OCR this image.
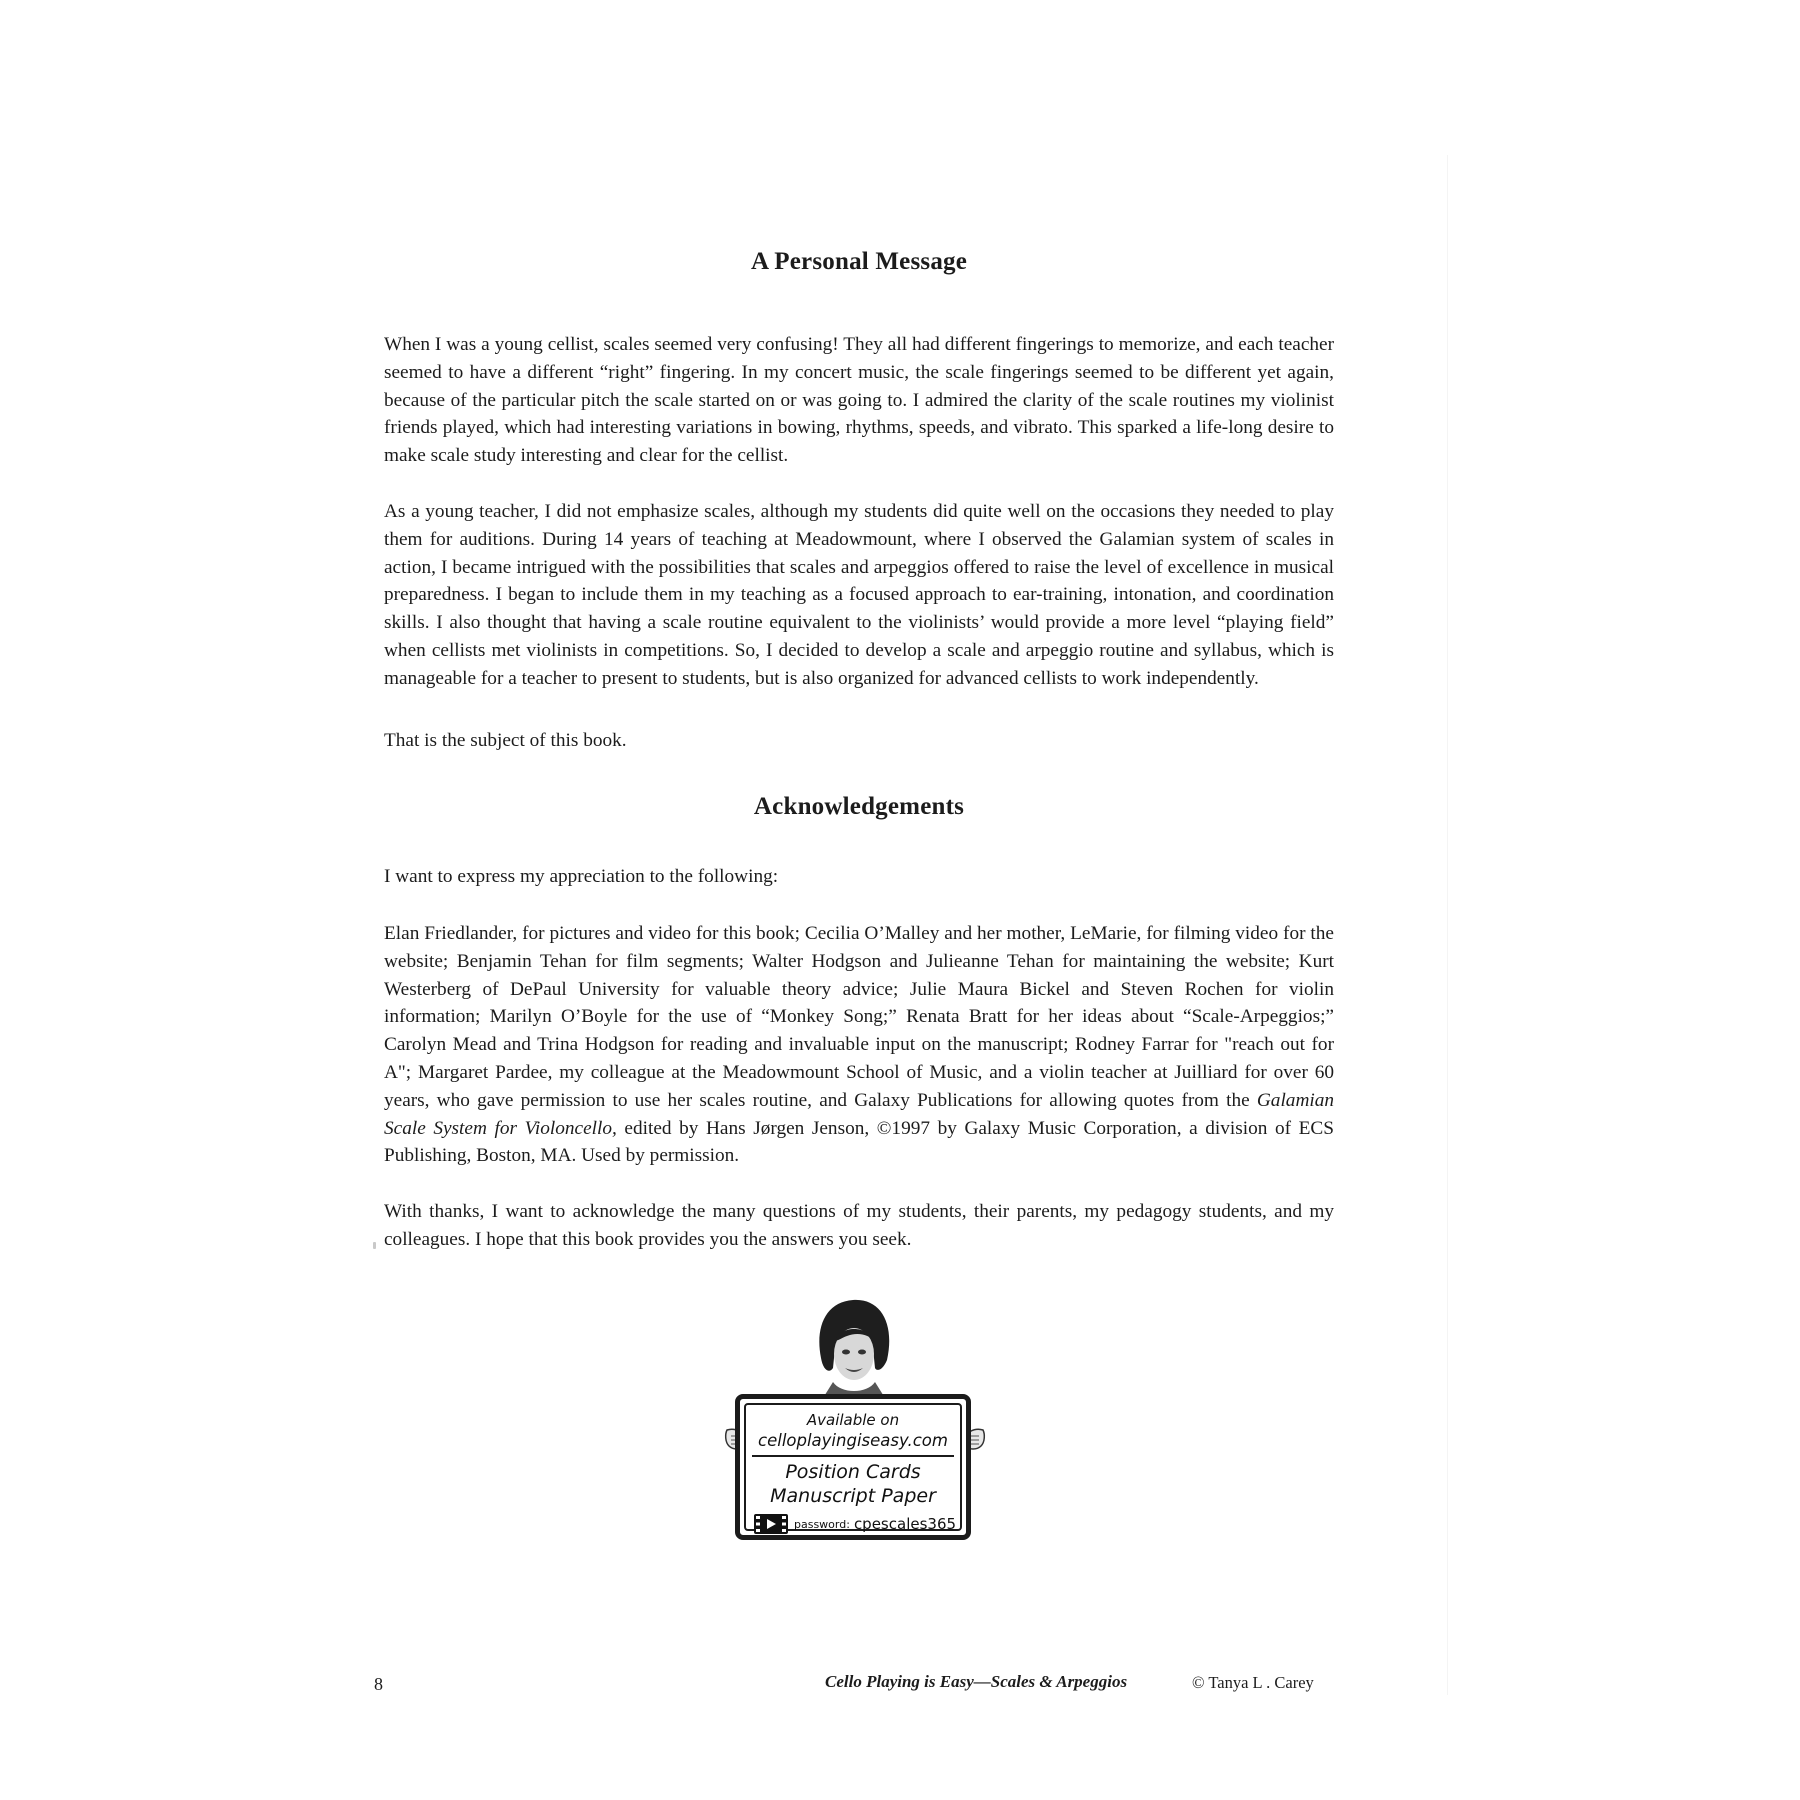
A Personal Message

When I was a young cellist, scales seemed very confusing! They all had different fingerings to memorize, and each teacher seemed to have a different “right” fingering. In my concert music, the scale fingerings seemed to be different yet again, because of the particular pitch the scale started on or was going to. I admired the clarity of the scale routines my violinist friends played, which had interesting variations in bowing, rhythms, speeds, and vibrato. This sparked a life-long desire to make scale study interesting and clear for the cellist.

As a young teacher, I did not emphasize scales, although my students did quite well on the occasions they needed to play them for auditions. During 14 years of teaching at Meadowmount, where I observed the Galamian system of scales in action, I became intrigued with the possibilities that scales and arpeggios offered to raise the level of excellence in musical preparedness. I began to include them in my teaching as a focused approach to ear-training, intonation, and coordination skills. I also thought that having a scale routine equivalent to the violinists’ would provide a more level “playing field” when cellists met violinists in competitions. So, I decided to develop a scale and arpeggio routine and syllabus, which is manageable for a teacher to present to students, but is also organized for advanced cellists to work independently.

That is the subject of this book.

Acknowledgements

I want to express my appreciation to the following:

Elan Friedlander, for pictures and video for this book; Cecilia O’Malley and her mother, LeMarie, for filming video for the website; Benjamin Tehan for film segments; Walter Hodgson and Julieanne Tehan for maintaining the website; Kurt Westerberg of DePaul University for valuable theory advice; Julie Maura Bickel and Steven Rochen for violin information; Marilyn O’Boyle for the use of “Monkey Song;” Renata Bratt for her ideas about “Scale-Arpeggios;” Carolyn Mead and Trina Hodgson for reading and invaluable input on the manuscript; Rodney Farrar for "reach out for A"; Margaret Pardee, my colleague at the Meadowmount School of Music, and a violin teacher at Juilliard for over 60 years, who gave permission to use her scales routine, and Galaxy Publications for allowing quotes from the Galamian Scale System for Violoncello, edited by Hans Jørgen Jenson, ©1997 by Galaxy Music Corporation, a division of ECS Publishing, Boston, MA. Used by permission.

With thanks, I want to acknowledge the many questions of my students, their parents, my pedagogy students, and my colleagues. I hope that this book provides you the answers you seek.

Available on
celloplayingiseasy.com
Position Cards
Manuscript Paper
password: cpescales365
8	Cello Playing is Easy—Scales & Arpeggios	© Tanya L . Carey
